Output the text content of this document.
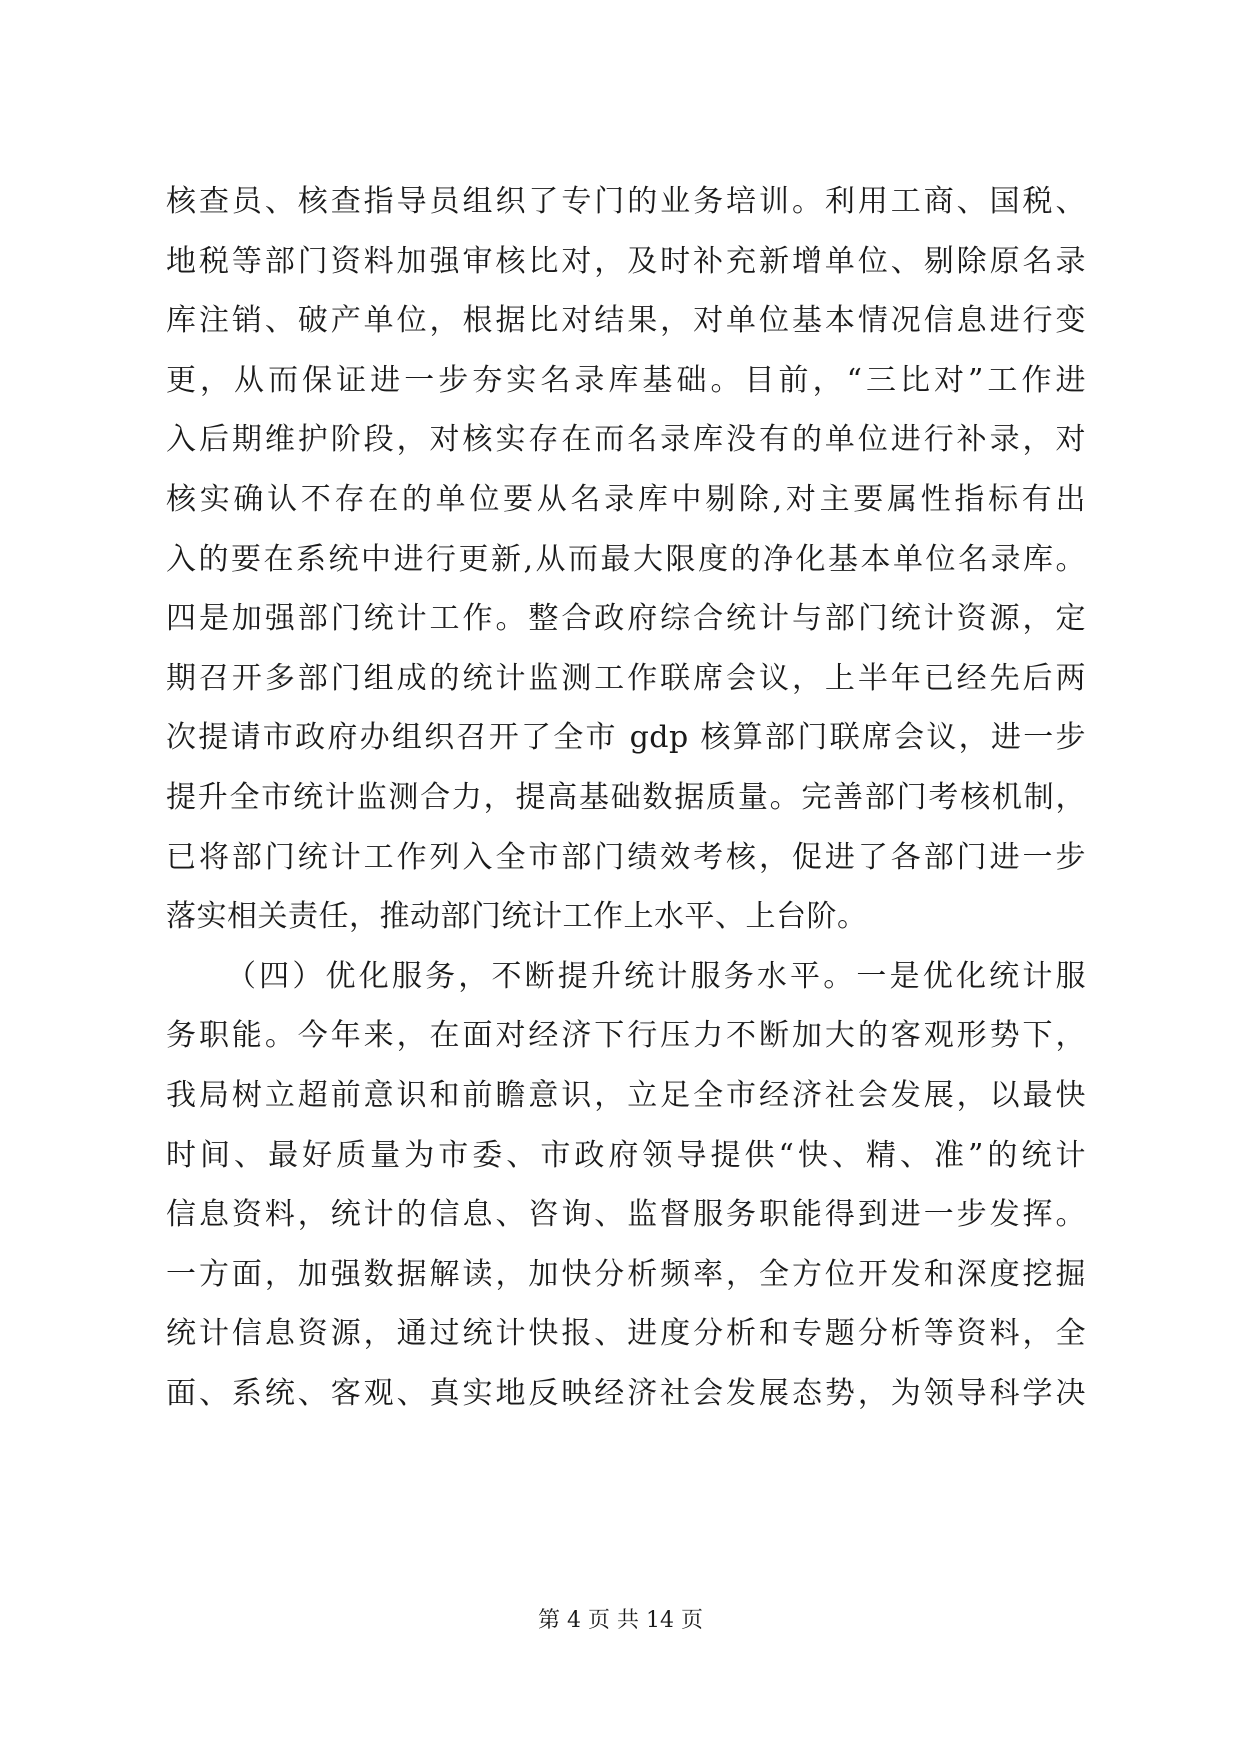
核查员、核查指导员组织了专门的业务培训。利用工商、国税、
地税等部门资料加强审核比对，及时补充新增单位、剔除原名录
库注销、破产单位，根据比对结果，对单位基本情况信息进行变
更，从而保证进一步夯实名录库基础。目前，“三比对”工作进
入后期维护阶段，对核实存在而名录库没有的单位进行补录，对
核实确认不存在的单位要从名录库中剔除,对主要属性指标有出
入的要在系统中进行更新,从而最大限度的净化基本单位名录库。
四是加强部门统计工作。整合政府综合统计与部门统计资源，定
期召开多部门组成的统计监测工作联席会议，上半年已经先后两
次提请市政府办组织召开了全市 gdp 核算部门联席会议，进一步
提升全市统计监测合力，提高基础数据质量。完善部门考核机制，
已将部门统计工作列入全市部门绩效考核，促进了各部门进一步
落实相关责任，推动部门统计工作上水平、上台阶。
（四）优化服务，不断提升统计服务水平。一是优化统计服
务职能。今年来，在面对经济下行压力不断加大的客观形势下，
我局树立超前意识和前瞻意识，立足全市经济社会发展，以最快
时间、最好质量为市委、市政府领导提供“快、精、准”的统计
信息资料，统计的信息、咨询、监督服务职能得到进一步发挥。
一方面，加强数据解读，加快分析频率，全方位开发和深度挖掘
统计信息资源，通过统计快报、进度分析和专题分析等资料，全
面、系统、客观、真实地反映经济社会发展态势，为领导科学决
第 4 页 共 14 页
